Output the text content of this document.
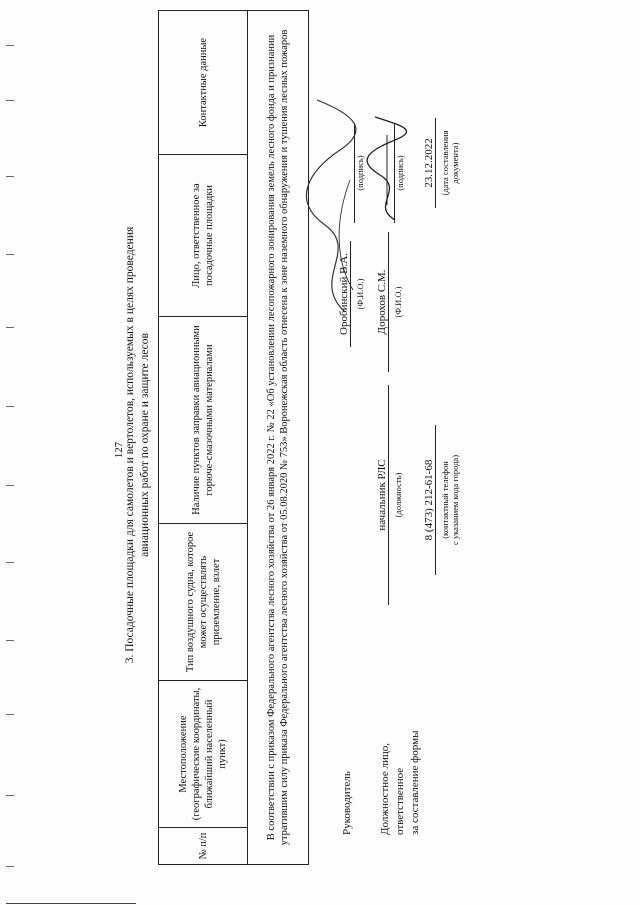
127 3. Посадочные площадки для самолетов и вертолетов, используемых в целях проведения авиационных работ по охране и защите лесов
№ п/п	Местоположение (географические координаты, ближайший населенный пункт)	Тип воздушного судна, которое может осуществлять приземление, взлет	Наличие пунктов заправки авиационными горюче-смазочными материалами	Лицо, ответственное за посадочные площадки	Контактные данные
В соответствии с приказом Федерального агентства лесного хозяйства от 26 января 2022 г. № 22 «Об установлении лесопожарного зонирования земель лесного фонда и признании утратившим силу приказа Федерального агентства лесного хозяйства от 05.08.2020 № 753» Воронежская область отнесена к зоне наземного обнаружения и тушения лесных пожаров	Руководитель
Оробинский В.А. (Ф.И.О.)
(подпись)
Должностное лицо, ответственное за составление формы
начальник РЛС (должность)
Дорохов С.М. (Ф.И.О.)
(подпись)
8 (473) 212-61-68 (контактный телефон с указанием кода города)
23.12.2022 (дата составления документа)
